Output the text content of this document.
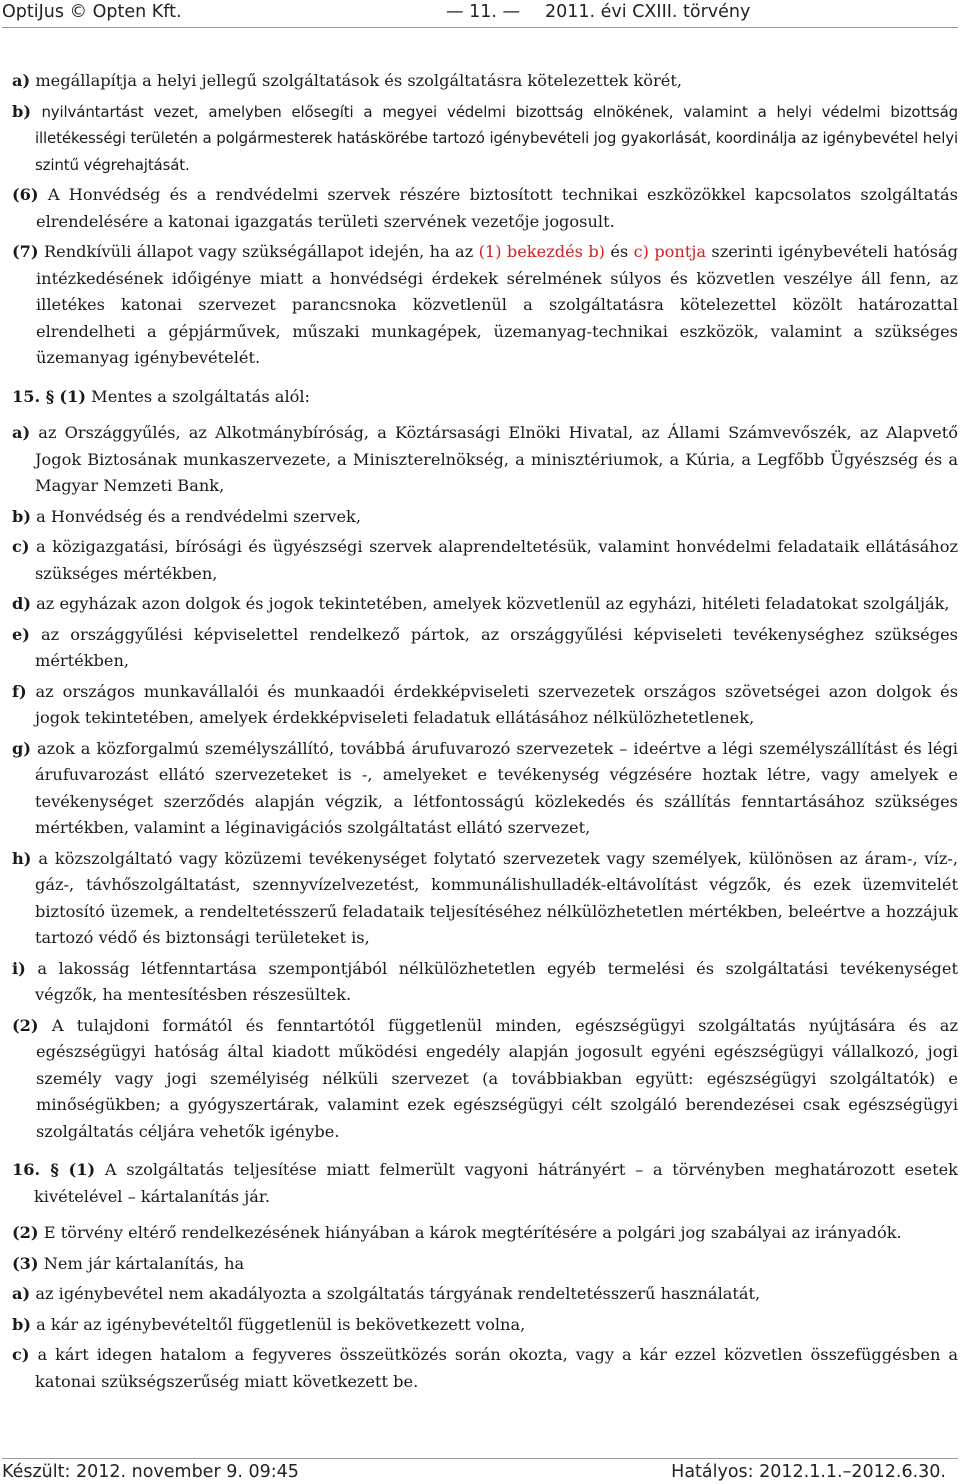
OptiJus © Opten Kft.	— 11. — 2011. évi CXIII. törvény

a) megállapítja a helyi jellegű szolgáltatások és szolgáltatásra kötelezettek körét,

b) nyilvántartást vezet, amelyben elősegíti a megyei védelmi bizottság elnökének, valamint a helyi védelmi bizottság illetékességi területén a polgármesterek hatáskörébe tartozó igénybevételi jog gyakorlását, koordinálja az igénybevétel helyi szintű végrehajtását.

(6) A Honvédség és a rendvédelmi szervek részére biztosított technikai eszközökkel kapcsolatos szolgáltatás elrendelésére a katonai igazgatás területi szervének vezetője jogosult.

(7) Rendkívüli állapot vagy szükségállapot idején, ha az (1) bekezdés b) és c) pontja szerinti igénybevételi hatóság intézkedésének időigénye miatt a honvédségi érdekek sérelmének súlyos és közvetlen veszélye áll fenn, az illetékes katonai szervezet parancsnoka közvetlenül a szolgáltatásra kötelezettel közölt határozattal elrendelheti a gépjárművek, műszaki munkagépek, üzemanyag-technikai eszközök, valamint a szükséges üzemanyag igénybevételét.

15. § (1) Mentes a szolgáltatás alól:

a) az Országgyűlés, az Alkotmánybíróság, a Köztársasági Elnöki Hivatal, az Állami Számvevőszék, az Alapvető Jogok Biztosának munkaszervezete, a Miniszterelnökség, a minisztériumok, a Kúria, a Legfőbb Ügyészség és a Magyar Nemzeti Bank,

b) a Honvédség és a rendvédelmi szervek,

c) a közigazgatási, bírósági és ügyészségi szervek alaprendeltetésük, valamint honvédelmi feladataik ellátásához szükséges mértékben,

d) az egyházak azon dolgok és jogok tekintetében, amelyek közvetlenül az egyházi, hitéleti feladatokat szolgálják,

e) az országgyűlési képviselettel rendelkező pártok, az országgyűlési képviseleti tevékenységhez szükséges mértékben,

f) az országos munkavállalói és munkaadói érdekképviseleti szervezetek országos szövetségei azon dolgok és jogok tekintetében, amelyek érdekképviseleti feladatuk ellátásához nélkülözhetetlenek,

g) azok a közforgalmú személyszállító, továbbá árufuvarozó szervezetek – ideértve a légi személyszállítást és légi árufuvarozást ellátó szervezeteket is -, amelyeket e tevékenység végzésére hoztak létre, vagy amelyek e tevékenységet szerződés alapján végzik, a létfontosságú közlekedés és szállítás fenntartásához szükséges mértékben, valamint a léginavigációs szolgáltatást ellátó szervezet,

h) a közszolgáltató vagy közüzemi tevékenységet folytató szervezetek vagy személyek, különösen az áram-, víz-, gáz-, távhőszolgáltatást, szennyvízelvezetést, kommunálishulladék-eltávolítást végzők, és ezek üzemvitelét biztosító üzemek, a rendeltetésszerű feladataik teljesítéséhez nélkülözhetetlen mértékben, beleértve a hozzájuk tartozó védő és biztonsági területeket is,

i) a lakosság létfenntartása szempontjából nélkülözhetetlen egyéb termelési és szolgáltatási tevékenységet végzők, ha mentesítésben részesültek.

(2) A tulajdoni formától és fenntartótól függetlenül minden, egészségügyi szolgáltatás nyújtására és az egészségügyi hatóság által kiadott működési engedély alapján jogosult egyéni egészségügyi vállalkozó, jogi személy vagy jogi személyiség nélküli szervezet (a továbbiakban együtt: egészségügyi szolgáltatók) e minőségükben; a gyógyszertárak, valamint ezek egészségügyi célt szolgáló berendezései csak egészségügyi szolgáltatás céljára vehetők igénybe.

16. § (1) A szolgáltatás teljesítése miatt felmerült vagyoni hátrányért – a törvényben meghatározott esetek kivételével – kártalanítás jár.

(2) E törvény eltérő rendelkezésének hiányában a károk megtérítésére a polgári jog szabályai az irányadók.

(3) Nem jár kártalanítás, ha

a) az igénybevétel nem akadályozta a szolgáltatás tárgyának rendeltetésszerű használatát,

b) a kár az igénybevételtől függetlenül is bekövetkezett volna,

c) a kárt idegen hatalom a fegyveres összeütközés során okozta, vagy a kár ezzel közvetlen összefüggésben a katonai szükségszerűség miatt következett be.

Készült: 2012. november 9. 09:45	Hatályos: 2012.1.1.–2012.6.30.
